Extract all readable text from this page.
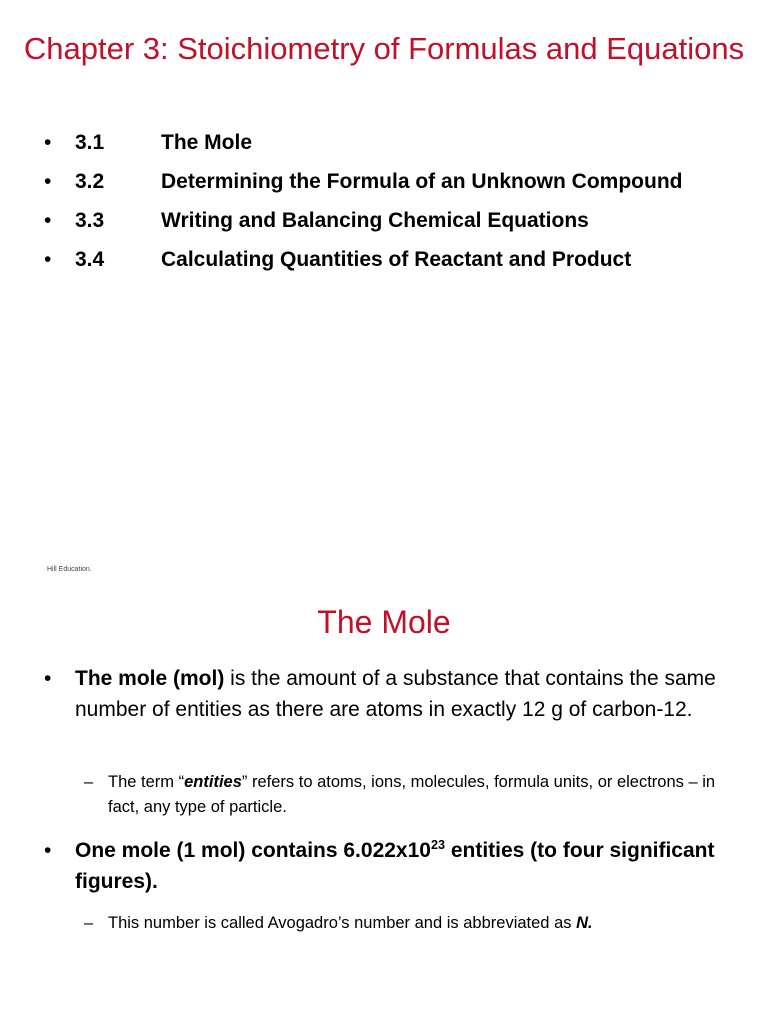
Chapter 3: Stoichiometry of Formulas and Equations
• 3.1	The Mole
• 3.2	Determining the Formula of an Unknown Compound
• 3.3	Writing and Balancing Chemical Equations
• 3.4	Calculating Quantities of Reactant and Product
Hill Education.
The Mole
• The mole (mol) is the amount of a substance that contains the same number of entities as there are atoms in exactly 12 g of carbon-12.
– The term “entities” refers to atoms, ions, molecules, formula units, or electrons – in fact, any type of particle.
• One mole (1 mol) contains $6.022x10^{23}$ entities (to four significant figures).
– This number is called Avogadro’s number and is abbreviated as N.
